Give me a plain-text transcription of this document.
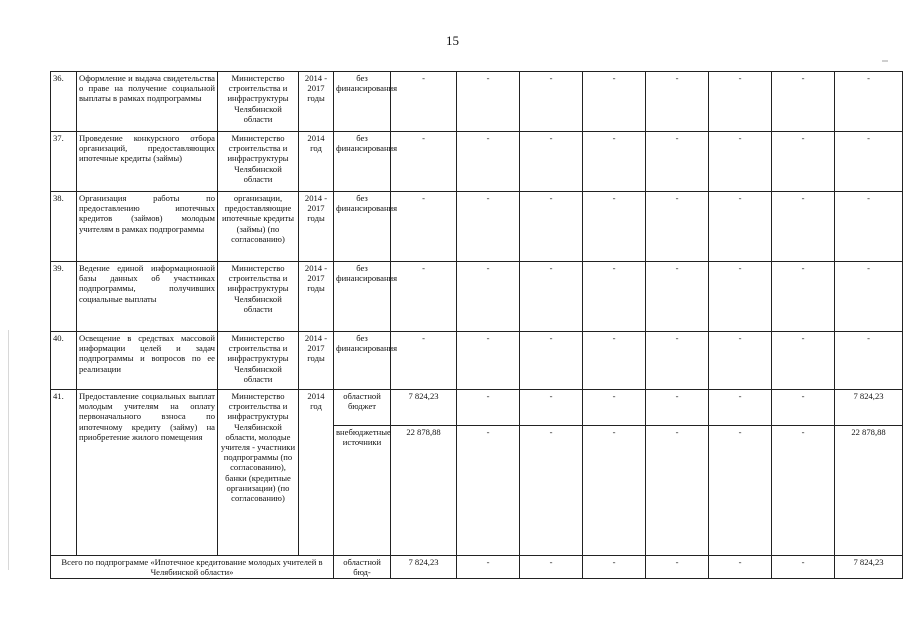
15
36.	Оформление и выдача свидетельства о праве на получение социальной выплаты в рамках подпрограммы	Министерство строительства и инфраструктуры Челябинской области	2014 - 2017 годы	без финансирования	-	-	-	-	-	-	-	-
37.	Проведение конкурсного отбора организаций, предоставляющих ипотечные кредиты (займы)	Министерство строительства и инфраструктуры Челябинской области	2014 год	без финансирования	-	-	-	-	-	-	-	-
38.	Организация работы по предоставлению ипотечных кредитов (займов) молодым учителям в рамках подпрограммы	организации, предоставляющие ипотечные кредиты (займы) (по согласованию)	2014 - 2017 годы	без финансирования	-	-	-	-	-	-	-	-
39.	Ведение единой информационной базы данных об участниках подпрограммы, получивших социальные выплаты	Министерство строительства и инфраструктуры Челябинской области	2014 - 2017 годы	без финансирования	-	-	-	-	-	-	-	-
40.	Освещение в средствах массовой информации целей и задач подпрограммы и вопросов по ее реализации	Министерство строительства и инфраструктуры Челябинской области	2014 - 2017 годы	без финансирования	-	-	-	-	-	-	-	-
41.	Предоставление социальных выплат молодым учителям на оплату первоначального взноса по ипотечному кредиту (займу) на приобретение жилого помещения	Министерство строительства и инфраструктуры Челябинской области, молодые учителя - участники подпрограммы (по согласованию), банки (кредитные организации) (по согласованию)	2014 год	областной бюджет	7 824,23	-	-	-	-	-	-	7 824,23
				внебюджетные источники	22 878,88	-	-	-	-	-	-	22 878,88
Всего по подпрограмме «Ипотечное кредитование молодых учителей в Челябинской области»				областной бюд-	7 824,23	-	-	-	-	-	-	7 824,23
